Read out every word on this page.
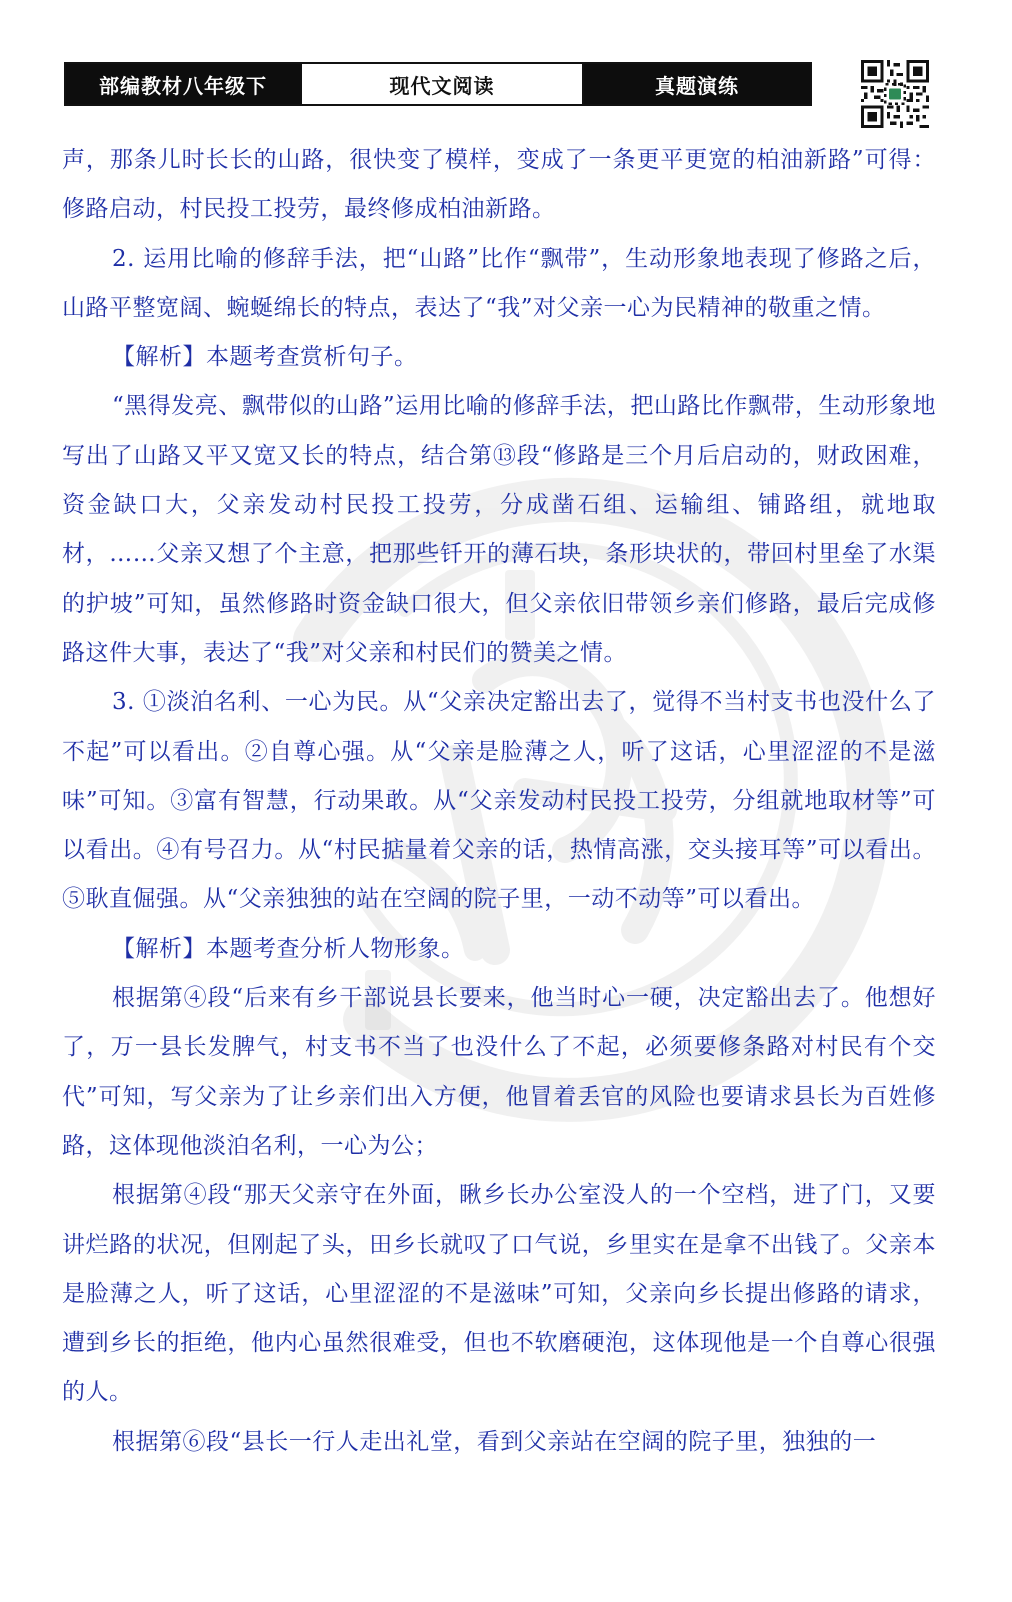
部编教材八年级下	现代文阅读	真题演练

声，那条儿时长长的山路，很快变了模样，变成了一条更平更宽的柏油新路”可得：修路启动，村民投工投劳，最终修成柏油新路。

2. 运用比喻的修辞手法，把“山路”比作“飘带”，生动形象地表现了修路之后，山路平整宽阔、蜿蜒绵长的特点，表达了“我”对父亲一心为民精神的敬重之情。

【解析】本题考查赏析句子。

“黑得发亮、飘带似的山路”运用比喻的修辞手法，把山路比作飘带，生动形象地写出了山路又平又宽又长的特点，结合第⑬段“修路是三个月后启动的，财政困难，资金缺口大，父亲发动村民投工投劳，分成凿石组、运输组、铺路组，就地取材，……父亲又想了个主意，把那些钎开的薄石块，条形块状的，带回村里垒了水渠的护坡”可知，虽然修路时资金缺口很大，但父亲依旧带领乡亲们修路，最后完成修路这件大事，表达了“我”对父亲和村民们的赞美之情。

3. ①淡泊名利、一心为民。从“父亲决定豁出去了，觉得不当村支书也没什么了不起”可以看出。②自尊心强。从“父亲是脸薄之人，听了这话，心里涩涩的不是滋味”可知。③富有智慧，行动果敢。从“父亲发动村民投工投劳，分组就地取材等”可以看出。④有号召力。从“村民掂量着父亲的话，热情高涨，交头接耳等”可以看出。⑤耿直倔强。从“父亲独独的站在空阔的院子里，一动不动等”可以看出。

【解析】本题考查分析人物形象。

根据第④段“后来有乡干部说县长要来，他当时心一硬，决定豁出去了。他想好了，万一县长发脾气，村支书不当了也没什么了不起，必须要修条路对村民有个交代”可知，写父亲为了让乡亲们出入方便，他冒着丢官的风险也要请求县长为百姓修路，这体现他淡泊名利，一心为公；

根据第④段“那天父亲守在外面，瞅乡长办公室没人的一个空档，进了门，又要讲烂路的状况，但刚起了头，田乡长就叹了口气说，乡里实在是拿不出钱了。父亲本是脸薄之人，听了这话，心里涩涩的不是滋味”可知，父亲向乡长提出修路的请求，遭到乡长的拒绝，他内心虽然很难受，但也不软磨硬泡，这体现他是一个自尊心很强的人。

根据第⑥段“县长一行人走出礼堂，看到父亲站在空阔的院子里，独独的一
